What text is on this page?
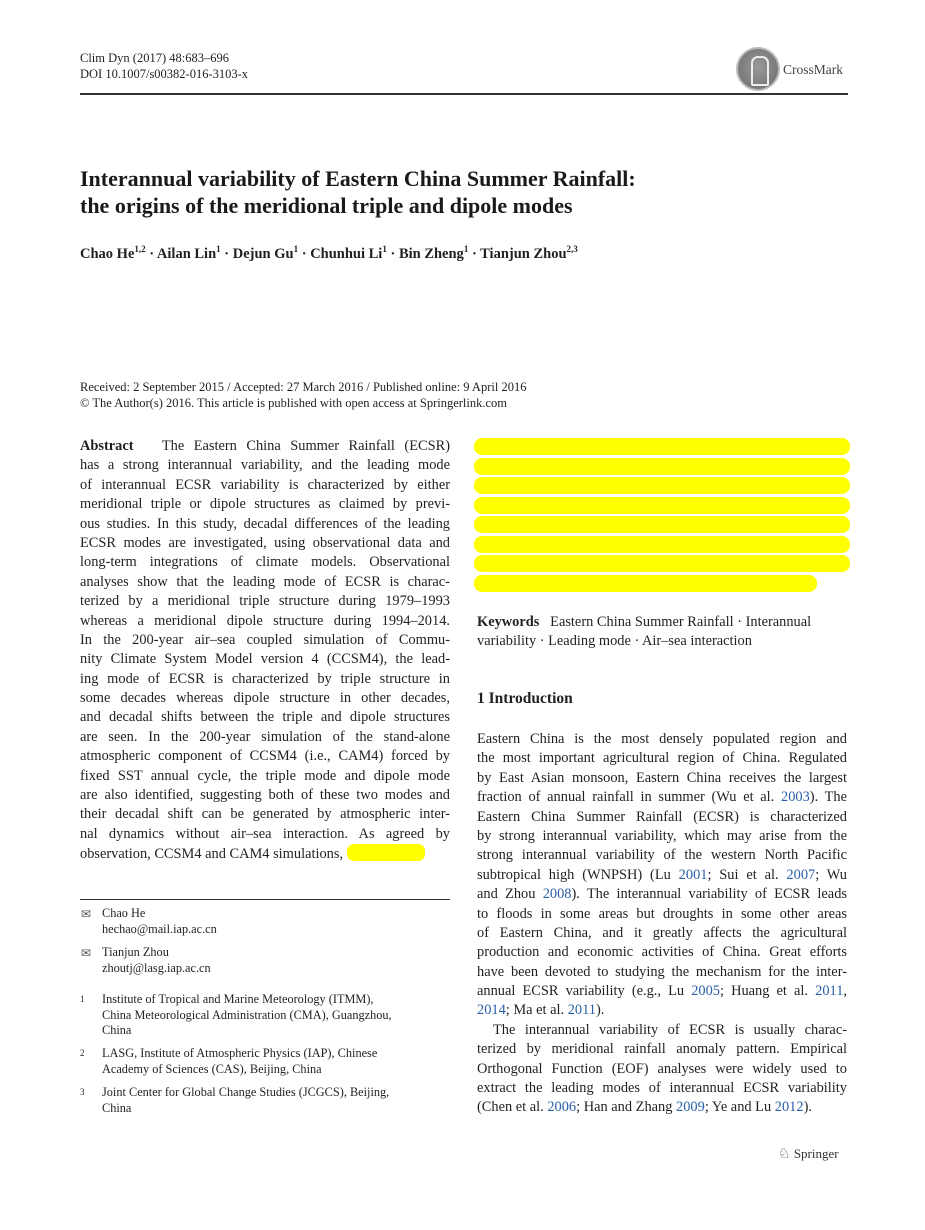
Clim Dyn (2017) 48:683–696
DOI 10.1007/s00382-016-3103-x	CrossMark
Interannual variability of Eastern China Summer Rainfall:
the origins of the meridional triple and dipole modes
Chao He$^{1,2}$ · Ailan Lin$^1$ · Dejun $Gu^1$ · Chunhui $Li^1$ · Bin Zheng$^1$ · Tianjun Zhou$^{2,3}$
Received: 2 September 2015 / Accepted: 27 March 2016 / Published online: 9 April 2016
© The Author(s) 2016. This article is published with open access at Springerlink.com
Abstract The Eastern China Summer Rainfall (ECSR)
has a strong interannual variability, and the leading mode
of interannual ECSR variability is characterized by either
meridional triple or dipole structures as claimed by previ-
ous studies. In this study, decadal differences of the leading
ECSR modes are investigated, using observational data and
long-term integrations of climate models. Observational
analyses show that the leading mode of ECSR is charac-
terized by a meridional triple structure during 1979–1993
whereas a meridional dipole structure during 1994–2014.
In the 200-year air–sea coupled simulation of Commu-
nity Climate System Model version 4 (CCSM4), the lead-
ing mode of ECSR is characterized by triple structure in
some decades whereas dipole structure in other decades,
and decadal shifts between the triple and dipole structures
are seen. In the 200-year simulation of the stand-alone
atmospheric component of CCSM4 (i.e., CAM4) forced by
fixed SST annual cycle, the triple mode and dipole mode
are also identified, suggesting both of these two modes and
their decadal shift can be generated by atmospheric inter-
nal dynamics without air–sea interaction. As agreed by
observation, CCSM4 and CAM4 simulations,
Keywords Eastern China Summer Rainfall · Interannual
variability · Leading mode · Air–sea interaction
1 Introduction
Eastern China is the most densely populated region and
the most important agricultural region of China. Regulated
by East Asian monsoon, Eastern China receives the largest
fraction of annual rainfall in summer (Wu et al. 2003). The
Eastern China Summer Rainfall (ECSR) is characterized
by strong interannual variability, which may arise from the
strong interannual variability of the western North Pacific
subtropical high (WNPSH) (Lu 2001; Sui et al. 2007; Wu
and Zhou 2008). The interannual variability of ECSR leads
to floods in some areas but droughts in some other areas
of Eastern China, and it greatly affects the agricultural
production and economic activities of China. Great efforts
have been devoted to studying the mechanism for the inter-
annual ECSR variability (e.g., Lu 2005; Huang et al. 2011,
2014; Ma et al. 2011).
The interannual variability of ECSR is usually charac-
terized by meridional rainfall anomaly pattern. Empirical
Orthogonal Function (EOF) analyses were widely used to
extract the leading modes of interannual ECSR variability
(Chen et al. 2006; Han and Zhang 2009; Ye and Lu 2012).
✉ Chao He
hechao@mail.iap.ac.cn
✉ Tianjun Zhou
zhoutj@lasg.iap.ac.cn
1 Institute of Tropical and Marine Meteorology (ITMM),
China Meteorological Administration (CMA), Guangzhou,
China
2 LASG, Institute of Atmospheric Physics (IAP), Chinese
Academy of Sciences (CAS), Beijing, China
3 Joint Center for Global Change Studies (JCGCS), Beijing,
China
♘ Springer
